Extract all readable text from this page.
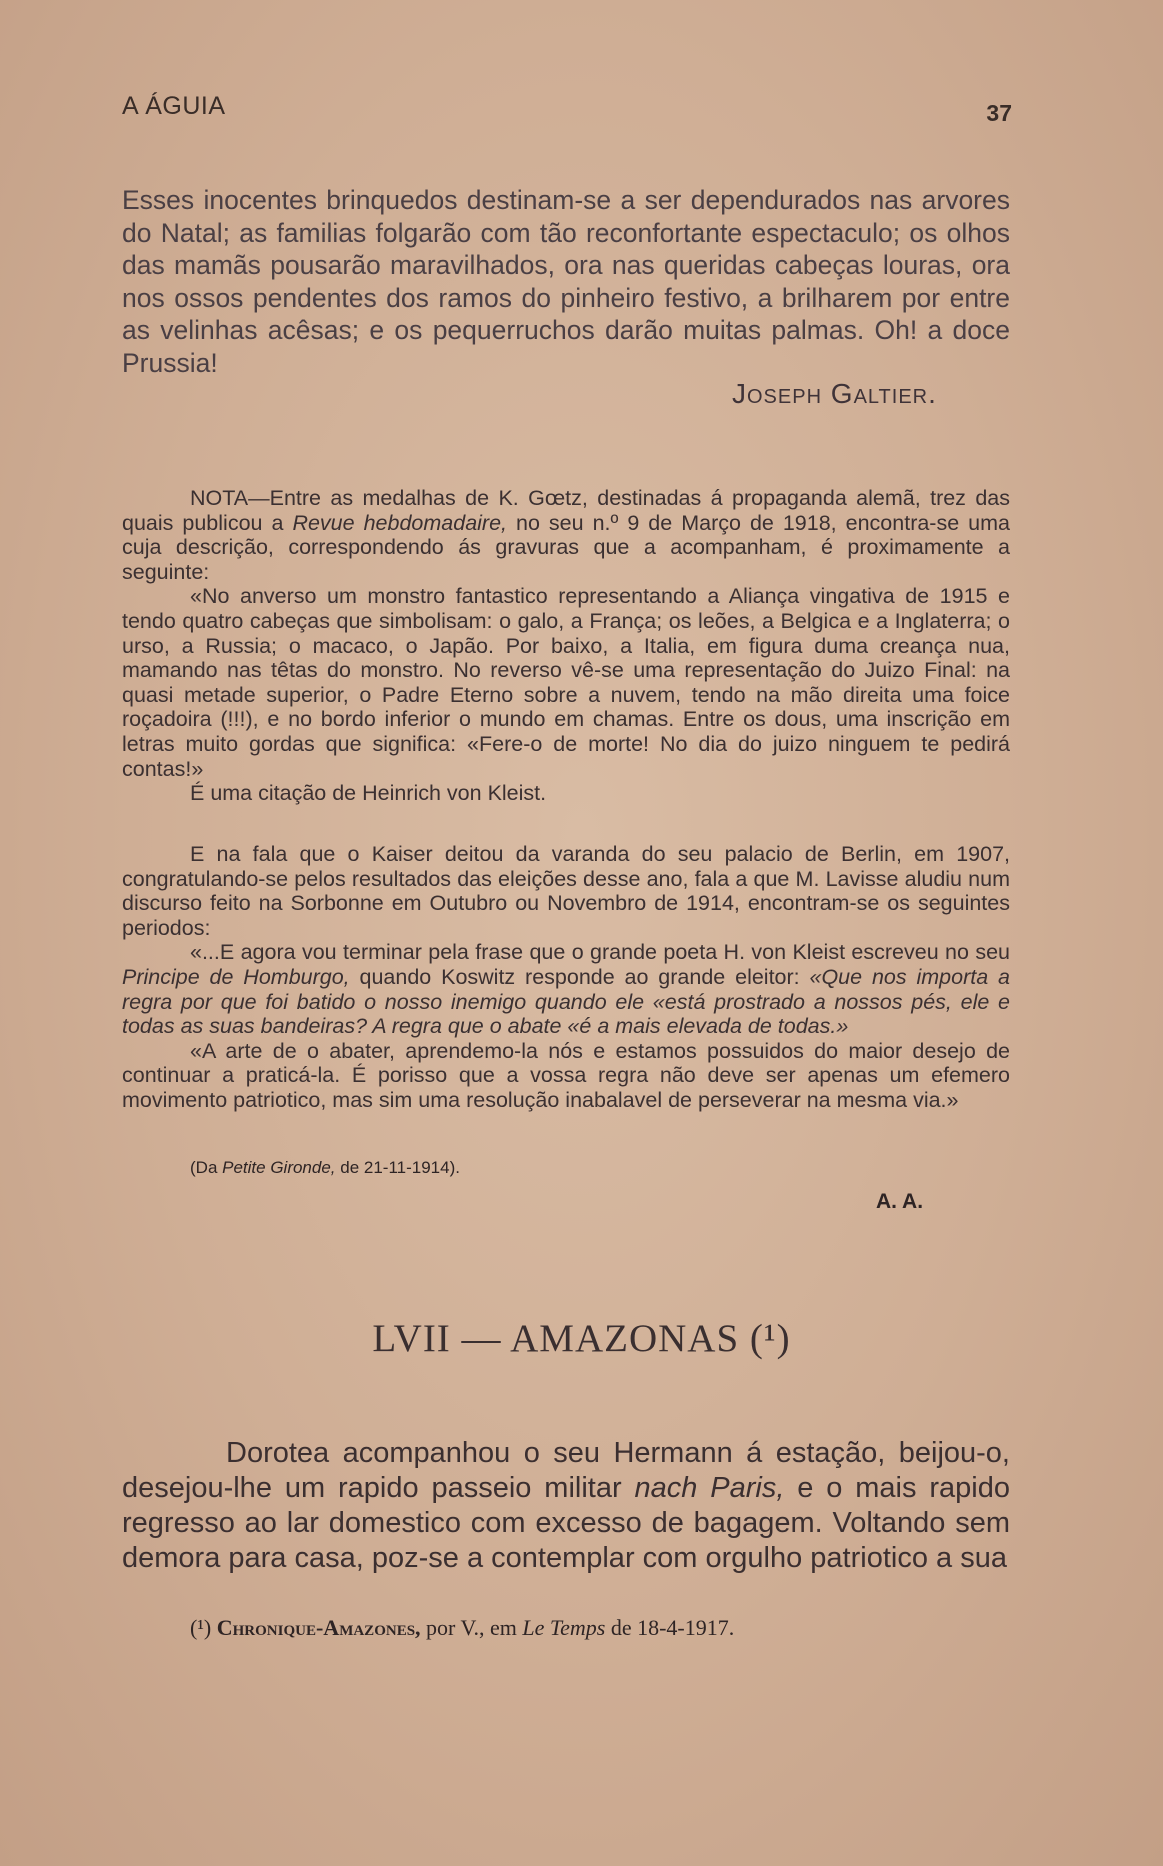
A ÁGUIA	37
Esses inocentes brinquedos destinam-se a ser dependurados nas arvores do Natal; as familias folgarão com tão reconfortante espectaculo; os olhos das mamãs pousarão maravilhados, ora nas queridas cabeças louras, ora nos ossos pendentes dos ramos do pinheiro festivo, a brilharem por entre as velinhas acêsas; e os pequerruchos darão muitas palmas. Oh! a doce Prussia!
Joseph Galtier.

NOTA—Entre as medalhas de K. Gœtz, destinadas á propaganda alemã, trez das quais publicou a Revue hebdomadaire, no seu n.º 9 de Março de 1918, encontra-se uma cuja descrição, correspondendo ás gravuras que a acompanham, é proximamente a seguinte:

«No anverso um monstro fantastico representando a Aliança vingativa de 1915 e tendo quatro cabeças que simbolisam: o galo, a França; os leões, a Belgica e a Inglaterra; o urso, a Russia; o macaco, o Japão. Por baixo, a Italia, em figura duma creança nua, mamando nas têtas do monstro. No reverso vê-se uma representação do Juizo Final: na quasi metade superior, o Padre Eterno sobre a nuvem, tendo na mão direita uma foice roçadoira (!!!), e no bordo inferior o mundo em chamas. Entre os dous, uma inscrição em letras muito gordas que significa: «Fere-o de morte! No dia do juizo ninguem te pedirá contas!»

É uma citação de Heinrich von Kleist.

E na fala que o Kaiser deitou da varanda do seu palacio de Berlin, em 1907, congratulando-se pelos resultados das eleições desse ano, fala a que M. Lavisse aludiu num discurso feito na Sorbonne em Outubro ou Novembro de 1914, encontram-se os seguintes periodos:

«...E agora vou terminar pela frase que o grande poeta H. von Kleist escreveu no seu Principe de Homburgo, quando Koswitz responde ao grande eleitor: «Que nos importa a regra por que foi batido o nosso inemigo quando ele «está prostrado a nossos pés, ele e todas as suas bandeiras? A regra que o abate «é a mais elevada de todas.»

«A arte de o abater, aprendemo-la nós e estamos possuidos do maior desejo de continuar a praticá-la. É porisso que a vossa regra não deve ser apenas um efemero movimento patriotico, mas sim uma resolução inabalavel de perseverar na mesma via.»

(Da Petite Gironde, de 21-11-1914).
A. A.
LVII — AMAZONAS (¹)

Dorotea acompanhou o seu Hermann á estação, beijou-o, desejou-lhe um rapido passeio militar nach Paris, e o mais rapido regresso ao lar domestico com excesso de bagagem. Voltando sem demora para casa, poz-se a contemplar com orgulho patriotico a sua

(¹) Chronique-Amazones, por V., em Le Temps de 18-4-1917.
